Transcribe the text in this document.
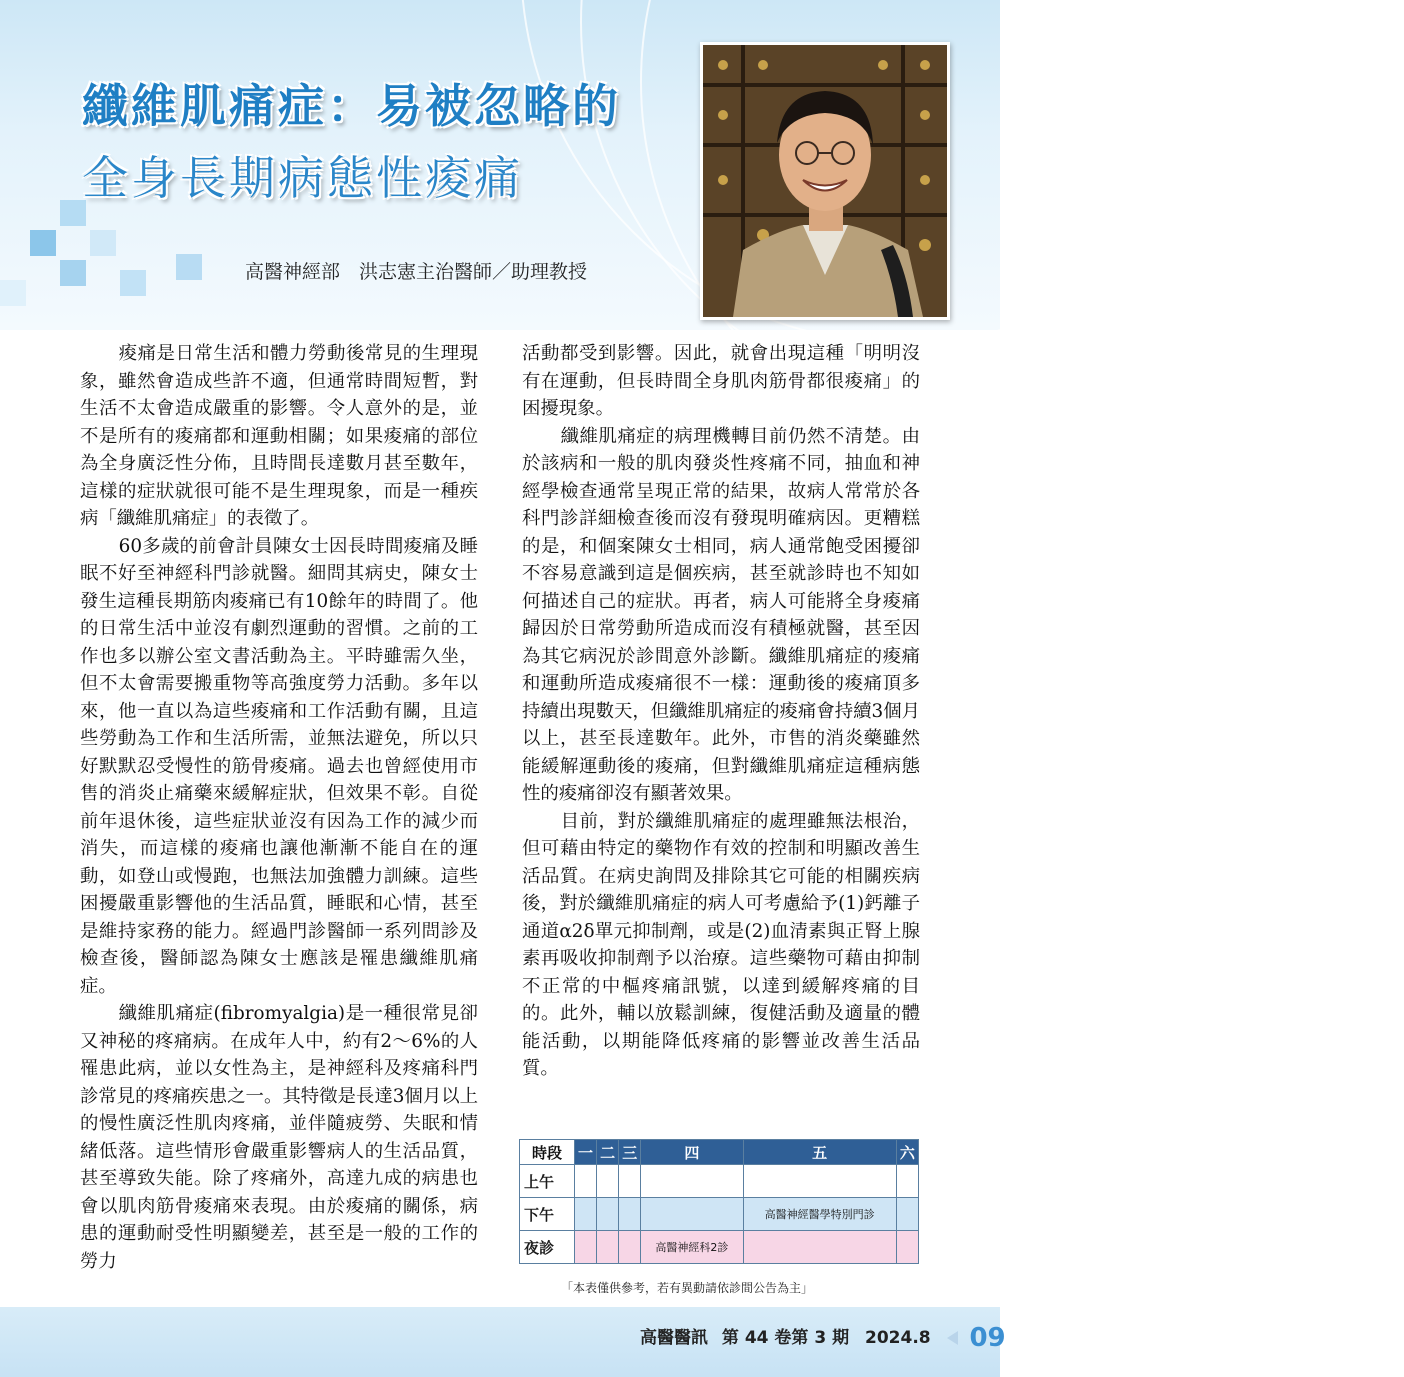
纖維肌痛症：易被忽略的
全身長期病態性痠痛
高醫神經部　洪志憲主治醫師／助理教授

痠痛是日常生活和體力勞動後常見的生理現象，雖然會造成些許不適，但通常時間短暫，對生活不太會造成嚴重的影響。令人意外的是，並不是所有的痠痛都和運動相關；如果痠痛的部位為全身廣泛性分佈，且時間長達數月甚至數年，這樣的症狀就很可能不是生理現象，而是一種疾病「纖維肌痛症」的表徵了。

60多歲的前會計員陳女士因長時間痠痛及睡眠不好至神經科門診就醫。細問其病史，陳女士發生這種長期筋肉痠痛已有10餘年的時間了。他的日常生活中並沒有劇烈運動的習慣。之前的工作也多以辦公室文書活動為主。平時雖需久坐，但不太會需要搬重物等高強度勞力活動。多年以來，他一直以為這些痠痛和工作活動有關，且這些勞動為工作和生活所需，並無法避免，所以只好默默忍受慢性的筋骨痠痛。過去也曾經使用市售的消炎止痛藥來緩解症狀，但效果不彰。自從前年退休後，這些症狀並沒有因為工作的減少而消失，而這樣的痠痛也讓他漸漸不能自在的運動，如登山或慢跑，也無法加強體力訓練。這些困擾嚴重影響他的生活品質，睡眠和心情，甚至是維持家務的能力。經過門診醫師一系列問診及檢查後，醫師認為陳女士應該是罹患纖維肌痛症。

纖維肌痛症(fibromyalgia)是一種很常見卻又神秘的疼痛病。在成年人中，約有2～6%的人罹患此病，並以女性為主，是神經科及疼痛科門診常見的疼痛疾患之一。其特徵是長達3個月以上的慢性廣泛性肌肉疼痛，並伴隨疲勞、失眠和情緒低落。這些情形會嚴重影響病人的生活品質，甚至導致失能。除了疼痛外，高達九成的病患也會以肌肉筋骨痠痛來表現。由於痠痛的關係，病患的運動耐受性明顯變差，甚至是一般的工作的勞力

活動都受到影響。因此，就會出現這種「明明沒有在運動，但長時間全身肌肉筋骨都很痠痛」的困擾現象。

纖維肌痛症的病理機轉目前仍然不清楚。由於該病和一般的肌肉發炎性疼痛不同，抽血和神經學檢查通常呈現正常的結果，故病人常常於各科門診詳細檢查後而沒有發現明確病因。更糟糕的是，和個案陳女士相同，病人通常飽受困擾卻不容易意識到這是個疾病，甚至就診時也不知如何描述自己的症狀。再者，病人可能將全身痠痛歸因於日常勞動所造成而沒有積極就醫，甚至因為其它病況於診間意外診斷。纖維肌痛症的痠痛和運動所造成痠痛很不一樣：運動後的痠痛頂多持續出現數天，但纖維肌痛症的痠痛會持續3個月以上，甚至長達數年。此外，市售的消炎藥雖然能緩解運動後的痠痛，但對纖維肌痛症這種病態性的痠痛卻沒有顯著效果。

目前，對於纖維肌痛症的處理雖無法根治，但可藉由特定的藥物作有效的控制和明顯改善生活品質。在病史詢問及排除其它可能的相關疾病後，對於纖維肌痛症的病人可考慮給予(1)鈣離子通道α2δ單元抑制劑，或是(2)血清素與正腎上腺素再吸收抑制劑予以治療。這些藥物可藉由抑制不正常的中樞疼痛訊號，以達到緩解疼痛的目的。此外，輔以放鬆訓練，復健活動及適量的體能活動，以期能降低疼痛的影響並改善生活品質。

時段	一	二	三	四	五	六
上午						
下午					高醫神經醫學特別門診	
夜診				高醫神經科2診		
「本表僅供參考，若有異動請依診間公告為主」
高醫醫訊 第 44 卷第 3 期 2024.8 09
